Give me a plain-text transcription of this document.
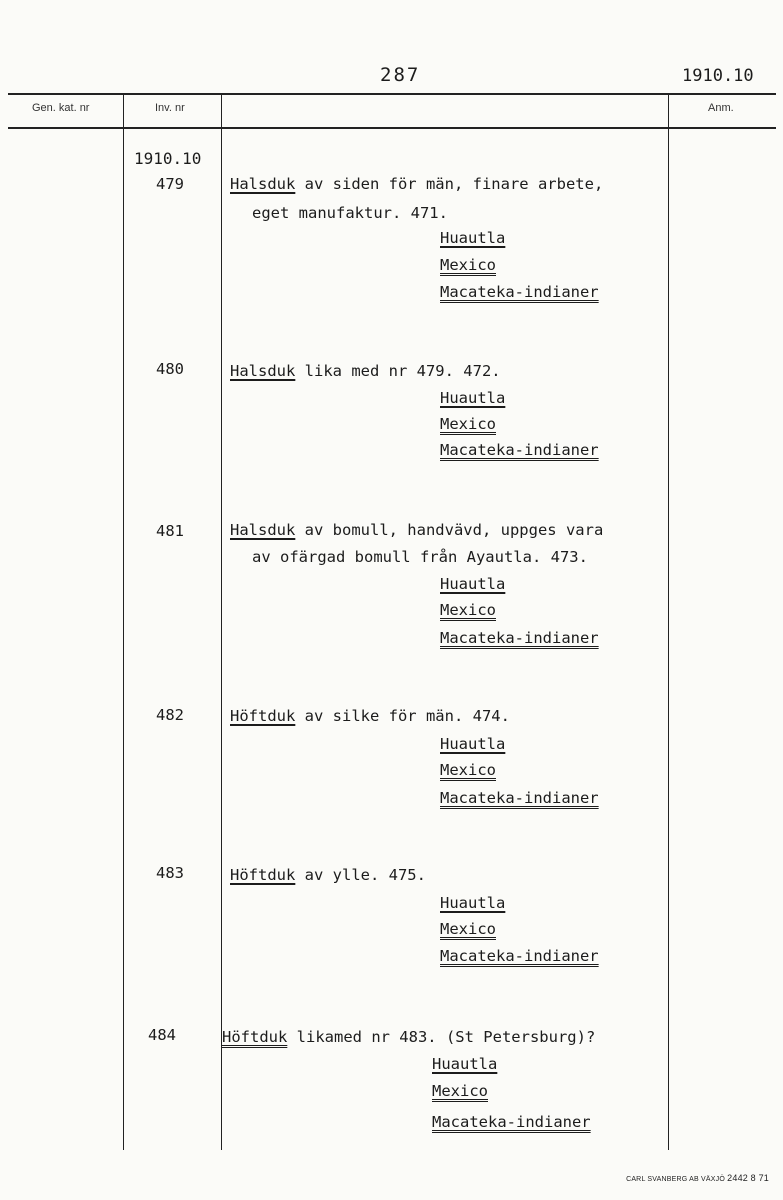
287	1910.10
Gen. kat. nr	Inv. nr	Anm.
1910.10
479	Halsduk av siden för män, finare arbete,
eget manufaktur. 471.
Huautla
Mexico
Macateka-indianer
480	Halsduk lika med nr 479. 472.
Huautla
Mexico
Macateka-indianer
481	Halsduk av bomull, handvävd, uppges vara
av ofärgad bomull från Ayautla. 473.
Huautla
Mexico
Macateka-indianer
482	Höftduk av silke för män. 474.
Huautla
Mexico
Macateka-indianer
483	Höftduk av ylle. 475.
Huautla
Mexico
Macateka-indianer
484	Höftduk likamed nr 483. (St Petersburg)?
Huautla
Mexico
Macateka-indianer
CARL SVANBERG AB VÄXJÖ 2442 8 71
